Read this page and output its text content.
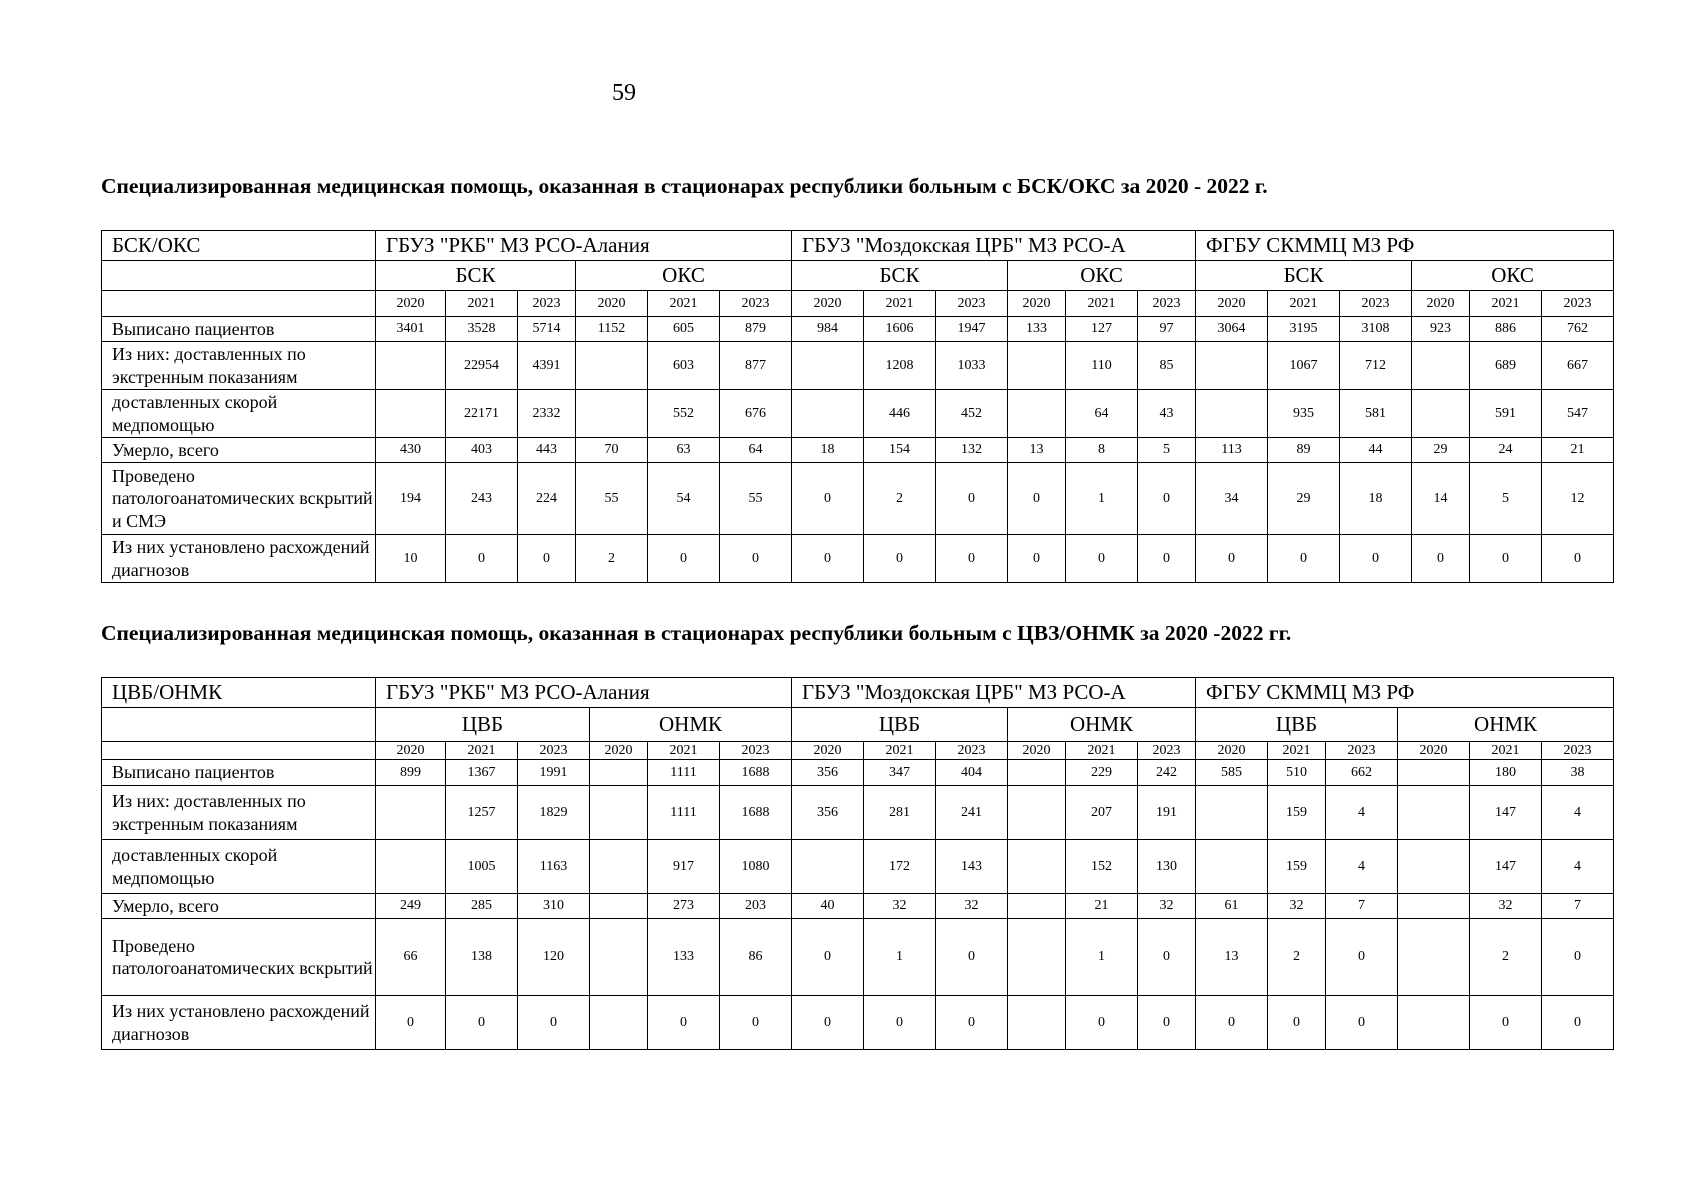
59
Специализированная медицинская помощь, оказанная в стационарах республики больным с БСК/ОКС за 2020 - 2022 г.
БСК/ОКС	ГБУЗ "РКБ" МЗ РСО-Алания						ГБУЗ "Моздокская ЦРБ" МЗ РСО-А						ФГБУ СКММЦ МЗ РФ					
	БСК			ОКС			БСК			ОКС			БСК			ОКС		
	2020	2021	2023	2020	2021	2023	2020	2021	2023	2020	2021	2023	2020	2021	2023	2020	2021	2023
Выписано пациентов	3401	3528	5714	1152	605	879	984	1606	1947	133	127	97	3064	3195	3108	923	886	762
Из них: доставленных по экстренным показаниям		22954	4391		603	877		1208	1033		110	85		1067	712		689	667
доставленных скорой медпомощью		22171	2332		552	676		446	452		64	43		935	581		591	547
Умерло, всего	430	403	443	70	63	64	18	154	132	13	8	5	113	89	44	29	24	21
Проведено патологоанатомических вскрытий и СМЭ	194	243	224	55	54	55	0	2	0	0	1	0	34	29	18	14	5	12
Из них установлено расхождений диагнозов	10	0	0	2	0	0	0	0	0	0	0	0	0	0	0	0	0	0
Специализированная медицинская помощь, оказанная в стационарах республики больным с ЦВЗ/ОНМК за 2020 -2022 гг.
ЦВБ/ОНМК	ГБУЗ "РКБ" МЗ РСО-Алания						ГБУЗ "Моздокская ЦРБ" МЗ РСО-А						ФГБУ СКММЦ МЗ РФ					
	ЦВБ			ОНМК			ЦВБ			ОНМК			ЦВБ			ОНМК		
	2020	2021	2023	2020	2021	2023	2020	2021	2023	2020	2021	2023	2020	2021	2023	2020	2021	2023
Выписано пациентов	899	1367	1991		1111	1688	356	347	404		229	242	585	510	662		180	38
Из них: доставленных по экстренным показаниям		1257	1829		1111	1688	356	281	241		207	191		159	4		147	4
доставленных скорой медпомощью		1005	1163		917	1080		172	143		152	130		159	4		147	4
Умерло, всего	249	285	310		273	203	40	32	32		21	32	61	32	7		32	7
Проведено патологоанатомических вскрытий	66	138	120		133	86	0	1	0		1	0	13	2	0		2	0
Из них установлено расхождений диагнозов	0	0	0		0	0	0	0	0		0	0	0	0	0		0	0
